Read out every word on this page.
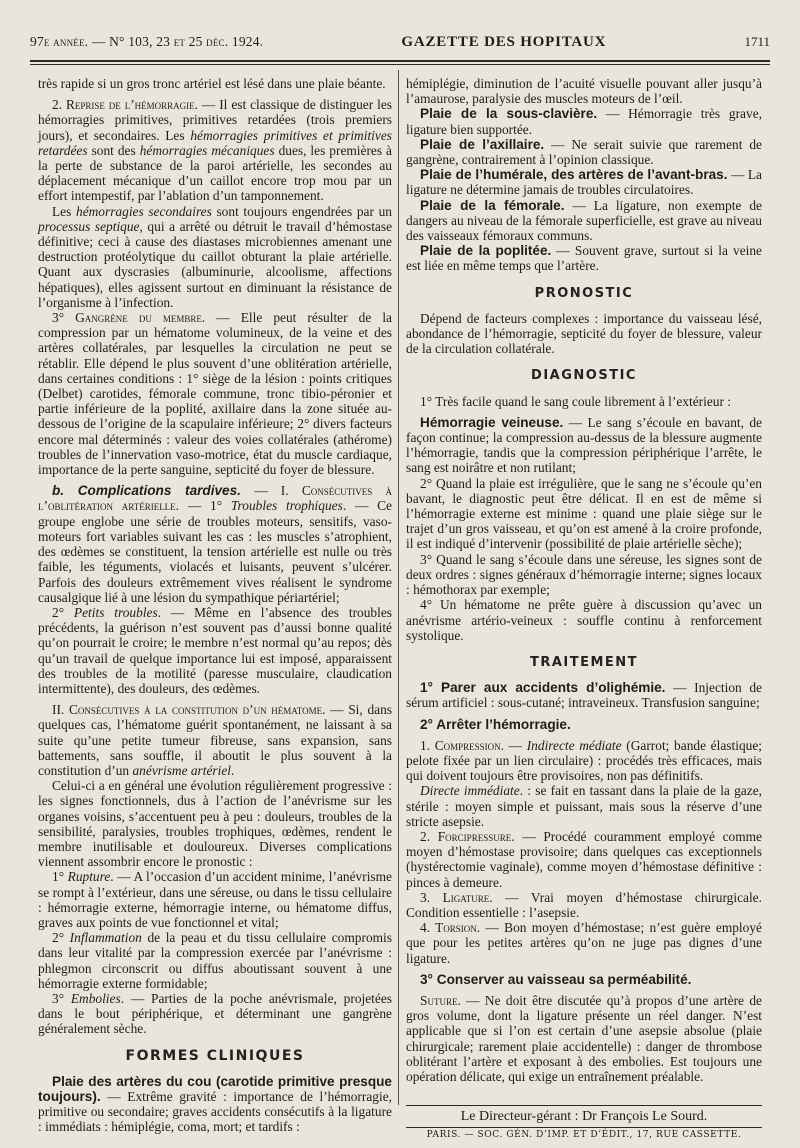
97e année. — N° 103, 23 et 25 déc. 1924.	GAZETTE DES HOPITAUX	1711

très rapide si un gros tronc artériel est lésé dans une plaie béante.

2. Reprise de l’hémorragie. — Il est classique de distinguer les hémorragies primitives, primitives retardées (trois premiers jours), et secondaires. Les hémorragies primitives et primitives retardées sont des hémorragies mécaniques dues, les premières à la perte de substance de la paroi artérielle, les secondes au déplacement mécanique d’un caillot encore trop mou par un effort intempestif, par l’ablation d’un tamponnement.

Les hémorragies secondaires sont toujours engendrées par un processus septique, qui a arrêté ou détruit le travail d’hémostase définitive; ceci à cause des diastases microbiennes amenant une destruction protéolytique du caillot obturant la plaie artérielle. Quant aux dyscrasies (albuminurie, alcoolisme, affections hépatiques), elles agissent surtout en diminuant la résistance de l’organisme à l’infection.

3° Gangrène du membre. — Elle peut résulter de la compression par un hématome volumineux, de la veine et des artères collatérales, par lesquelles la circulation ne peut se rétablir. Elle dépend le plus souvent d’une oblitération artérielle, dans certaines conditions : 1° siège de la lésion : points critiques (Delbet) carotides, fémorale commune, tronc tibio-péronier et partie inférieure de la poplité, axillaire dans la zone située au-dessous de l’origine de la scapulaire inférieure; 2° divers facteurs encore mal déterminés : valeur des voies collatérales (athérome) troubles de l’innervation vaso-motrice, état du muscle cardiaque, importance de la perte sanguine, septicité du foyer de blessure.

b. Complications tardives. — I. Consécutives à l’oblitération artérielle. — 1° Troubles trophiques. — Ce groupe englobe une série de troubles moteurs, sensitifs, vaso-moteurs fort variables suivant les cas : les muscles s’atrophient, des œdèmes se constituent, la tension artérielle est nulle ou très faible, les téguments, violacés et luisants, peuvent s’ulcérer. Parfois des douleurs extrêmement vives réalisent le syndrome causalgique lié à une lésion du sympathique périartériel;

2° Petits troubles. — Même en l’absence des troubles précédents, la guérison n’est souvent pas d’aussi bonne qualité qu’on pourrait le croire; le membre n’est normal qu’au repos; dès qu’un travail de quelque importance lui est imposé, apparaissent des troubles de la motilité (paresse musculaire, claudication intermittente), des douleurs, des œdèmes.

II. Consécutives à la constitution d’un hématome. — Si, dans quelques cas, l’hématome guérit spontanément, ne laissant à sa suite qu’une petite tumeur fibreuse, sans expansion, sans battements, sans souffle, il aboutit le plus souvent à la constitution d’un anévrisme artériel.

Celui-ci a en général une évolution régulièrement progressive : les signes fonctionnels, dus à l’action de l’anévrisme sur les organes voisins, s’accentuent peu à peu : douleurs, troubles de la sensibilité, paralysies, troubles trophiques, œdèmes, rendent le membre inutilisable et douloureux. Diverses complications viennent assombrir encore le pronostic :

1° Rupture. — A l’occasion d’un accident minime, l’anévrisme se rompt à l’extérieur, dans une séreuse, ou dans le tissu cellulaire : hémorragie externe, hémorragie interne, ou hématome diffus, graves aux points de vue fonctionnel et vital;

2° Inflammation de la peau et du tissu cellulaire compromis dans leur vitalité par la compression exercée par l’anévrisme : phlegmon circonscrit ou diffus aboutissant souvent à une hémorragie externe formidable;

3° Embolies. — Parties de la poche anévrismale, projetées dans le bout périphérique, et déterminant une gangrène généralement sèche.

FORMES CLINIQUES

Plaie des artères du cou (carotide primitive presque toujours). — Extrême gravité : importance de l’hémorragie, primitive ou secondaire; graves accidents consécutifs à la ligature : immédiats : hémiplégie, coma, mort; et tardifs :

hémiplégie, diminution de l’acuité visuelle pouvant aller jusqu’à l’amaurose, paralysie des muscles moteurs de l’œil.

Plaie de la sous-clavière. — Hémorragie très grave, ligature bien supportée.

Plaie de l’axillaire. — Ne serait suivie que rarement de gangrène, contrairement à l’opinion classique.

Plaie de l’humérale, des artères de l’avant-bras. — La ligature ne détermine jamais de troubles circulatoires.

Plaie de la fémorale. — La ligature, non exempte de dangers au niveau de la fémorale superficielle, est grave au niveau des vaisseaux fémoraux communs.

Plaie de la poplitée. — Souvent grave, surtout si la veine est liée en même temps que l’artère.

PRONOSTIC

Dépend de facteurs complexes : importance du vaisseau lésé, abondance de l’hémorragie, septicité du foyer de blessure, valeur de la circulation collatérale.

DIAGNOSTIC

1° Très facile quand le sang coule librement à l’extérieur :

Hémorragie veineuse. — Le sang s’écoule en bavant, de façon continue; la compression au-dessus de la blessure augmente l’hémorragie, tandis que la compression périphérique l’arrête, le sang est noirâtre et non rutilant;

2° Quand la plaie est irrégulière, que le sang ne s’écoule qu’en bavant, le diagnostic peut être délicat. Il en est de même si l’hémorragie externe est minime : quand une plaie siège sur le trajet d’un gros vaisseau, et qu’on est amené à la croire profonde, il est indiqué d’intervenir (possibilité de plaie artérielle sèche);

3° Quand le sang s’écoule dans une séreuse, les signes sont de deux ordres : signes généraux d’hémorragie interne; signes locaux : hémothorax par exemple;

4° Un hématome ne prête guère à discussion qu’avec un anévrisme artério-veineux : souffle continu à renforcement systolique.

TRAITEMENT

1° Parer aux accidents d’olighémie. — Injection de sérum artificiel : sous-cutané; intraveineux. Transfusion sanguine;

2° Arrêter l’hémorragie.

1. Compression. — Indirecte médiate (Garrot; bande élastique; pelote fixée par un lien circulaire) : procédés très efficaces, mais qui doivent toujours être provisoires, non pas définitifs.

Directe immédiate. : se fait en tassant dans la plaie de la gaze, stérile : moyen simple et puissant, mais sous la réserve d’une stricte asepsie.

2. Forcipressure. — Procédé couramment employé comme moyen d’hémostase provisoire; dans quelques cas exceptionnels (hystérectomie vaginale), comme moyen d’hémostase définitive : pinces à demeure.

3. Ligature. — Vrai moyen d’hémostase chirurgicale. Condition essentielle : l’asepsie.

4. Torsion. — Bon moyen d’hémostase; n’est guère employé que pour les petites artères qu’on ne juge pas dignes d’une ligature.

3° Conserver au vaisseau sa perméabilité.

Suture. — Ne doit être discutée qu’à propos d’une artère de gros volume, dont la ligature présente un réel danger. N’est applicable que si l’on est certain d’une asepsie absolue (plaie chirurgicale; rarement plaie accidentelle) : danger de thrombose oblitérant l’artère et exposant à des embolies. Est toujours une opération délicate, qui exige un entraînement préalable.

Le Directeur-gérant : Dr François Le Sourd.
PARIS. — SOC. GÉN. D’IMP. ET D’ÉDIT., 17, RUE CASSETTE.
